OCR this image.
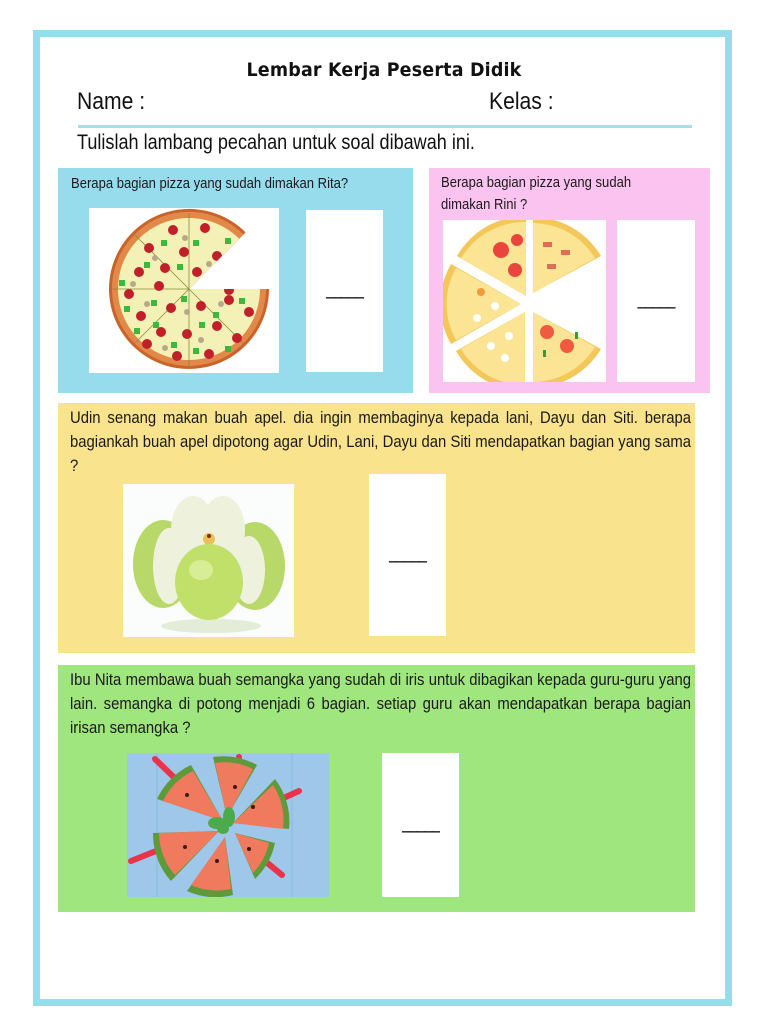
Lembar Kerja Peserta Didik
Name :	Kelas :
Tulislah lambang pecahan untuk soal dibawah ini.
Berapa bagian pizza yang sudah dimakan Rita?
_____
Berapa bagian pizza yang sudah dimakan Rini ?
_____
Udin senang makan buah apel. dia ingin membaginya kepada lani, Dayu dan Siti. berapa bagiankah buah apel dipotong agar Udin, Lani, Dayu dan Siti mendapatkan bagian yang sama ?
_____
Ibu Nita membawa buah semangka yang sudah di iris untuk dibagikan kepada guru-guru yang lain. semangka di potong menjadi 6 bagian. setiap guru akan mendapatkan berapa bagian irisan semangka ?
_____
